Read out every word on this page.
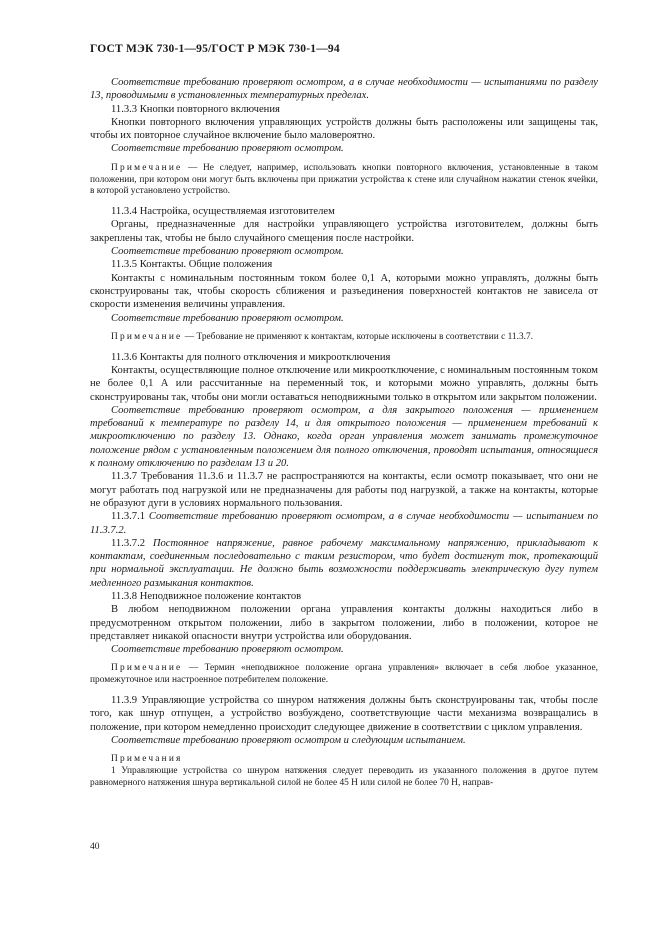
ГОСТ МЭК 730-1—95/ГОСТ Р МЭК 730-1—94

Соответствие требованию проверяют осмотром, а в случае необходимости — испытаниями по разделу 13, проводимыми в установленных температурных пределах.

11.3.3 Кнопки повторного включения

Кнопки повторного включения управляющих устройств должны быть расположены или защищены так, чтобы их повторное случайное включение было маловероятно.

Соответствие требованию проверяют осмотром.

Примечание — Не следует, например, использовать кнопки повторного включения, установленные в таком положении, при котором они могут быть включены при прижатии устройства к стене или случайном нажатии стенок ячейки, в которой установлено устройство.

11.3.4 Настройка, осуществляемая изготовителем

Органы, предназначенные для настройки управляющего устройства изготовителем, должны быть закреплены так, чтобы не было случайного смещения после настройки.

Соответствие требованию проверяют осмотром.

11.3.5 Контакты. Общие положения

Контакты с номинальным постоянным током более 0,1 А, которыми можно управлять, должны быть сконструированы так, чтобы скорость сближения и разъединения поверхностей контактов не зависела от скорости изменения величины управления.

Соответствие требованию проверяют осмотром.

Примечание — Требование не применяют к контактам, которые исключены в соответствии с 11.3.7.

11.3.6 Контакты для полного отключения и микроотключения

Контакты, осуществляющие полное отключение или микроотключение, с номинальным постоянным током не более 0,1 А или рассчитанные на переменный ток, и которыми можно управлять, должны быть сконструированы так, чтобы они могли оставаться неподвижными только в открытом или закрытом положении.

Соответствие требованию проверяют осмотром, а для закрытого положения — применением требований к температуре по разделу 14, и для открытого положения — применением требований к микроотключению по разделу 13. Однако, когда орган управления может занимать промежуточное положение рядом с установленным положением для полного отключения, проводят испытания, относящиеся к полному отключению по разделам 13 и 20.

11.3.7 Требования 11.3.6 и 11.3.7 не распространяются на контакты, если осмотр показывает, что они не могут работать под нагрузкой или не предназначены для работы под нагрузкой, а также на контакты, которые не образуют дуги в условиях нормального пользования.

11.3.7.1 Соответствие требованию проверяют осмотром, а в случае необходимости — испытанием по 11.3.7.2.

11.3.7.2 Постоянное напряжение, равное рабочему максимальному напряжению, прикладывают к контактам, соединенным последовательно с таким резистором, что будет достигнут ток, протекающий при нормальной эксплуатации. Не должно быть возможности поддерживать электрическую дугу путем медленного размыкания контактов.

11.3.8 Неподвижное положение контактов

В любом неподвижном положении органа управления контакты должны находиться либо в предусмотренном открытом положении, либо в закрытом положении, либо в положении, которое не представляет никакой опасности внутри устройства или оборудования.

Соответствие требованию проверяют осмотром.

Примечание — Термин «неподвижное положение органа управления» включает в себя любое указанное, промежуточное или настроенное потребителем положение.

11.3.9 Управляющие устройства со шнуром натяжения должны быть сконструированы так, чтобы после того, как шнур отпущен, а устройство возбуждено, соответствующие части механизма возвращались в положение, при котором немедленно происходит следующее движение в соответствии с циклом управления.

Соответствие требованию проверяют осмотром и следующим испытанием.

Примечания

1 Управляющие устройства со шнуром натяжения следует переводить из указанного положения в другое путем равномерного натяжения шнура вертикальной силой не более 45 Н или силой не более 70 Н, направ-

40
